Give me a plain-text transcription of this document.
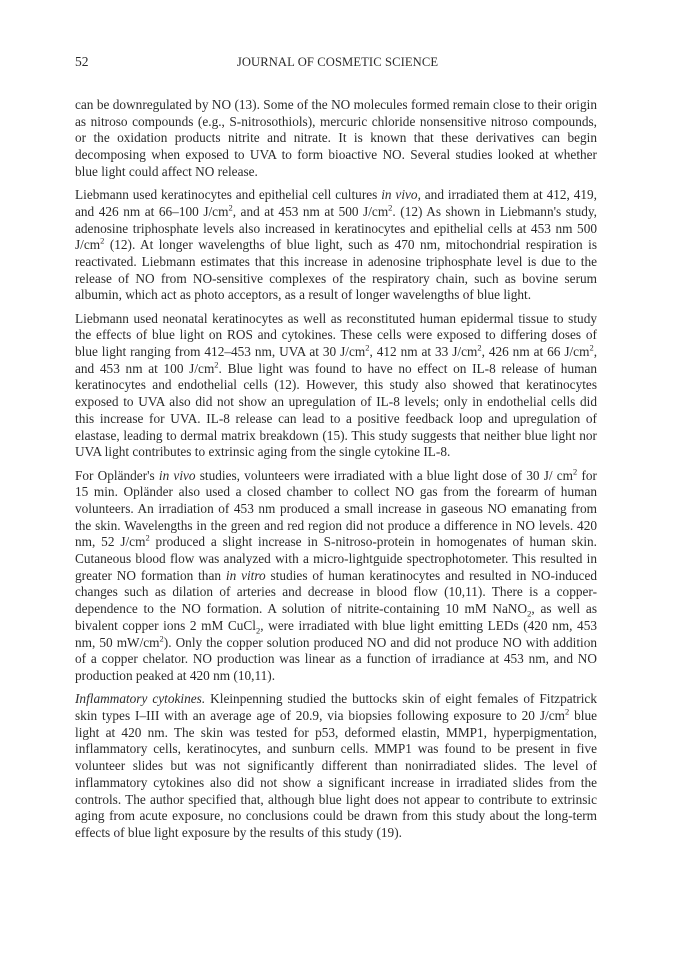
52	JOURNAL OF COSMETIC SCIENCE

can be downregulated by NO (13). Some of the NO molecules formed remain close to their origin as nitroso compounds (e.g., S-nitrosothiols), mercuric chloride nonsensitive nitroso compounds, or the oxidation products nitrite and nitrate. It is known that these derivatives can begin decomposing when exposed to UVA to form bioactive NO. Several studies looked at whether blue light could affect NO release.

Liebmann used keratinocytes and epithelial cell cultures in vivo, and irradiated them at 412, 419, and 426 nm at 66–100 $J/cm^2$, and at 453 nm at 500 $J/cm^2$. (12) As shown in Liebmann's study, adenosine triphosphate levels also increased in keratinocytes and epithelial cells at 453 nm 500 $J/cm^2$ (12). At longer wavelengths of blue light, such as 470 nm, mitochondrial respiration is reactivated. Liebmann estimates that this increase in adenosine triphosphate level is due to the release of NO from NO-sensitive complexes of the respiratory chain, such as bovine serum albumin, which act as photo acceptors, as a result of longer wavelengths of blue light.

Liebmann used neonatal keratinocytes as well as reconstituted human epidermal tissue to study the effects of blue light on ROS and cytokines. These cells were exposed to differing doses of blue light ranging from 412–453 nm, UVA at 30 $J/cm^2$, 412 nm at 33 $J/cm^2$, 426 nm at 66 $J/cm^2$, and 453 nm at 100 $J/cm^2$. Blue light was found to have no effect on IL-8 release of human keratinocytes and endothelial cells (12). However, this study also showed that keratinocytes exposed to UVA also did not show an upregulation of IL-8 levels; only in endothelial cells did this increase for UVA. IL-8 release can lead to a positive feedback loop and upregulation of elastase, leading to dermal matrix breakdown (15). This study suggests that neither blue light nor UVA light contributes to extrinsic aging from the single cytokine IL-8.

For Opländer's in vivo studies, volunteers were irradiated with a blue light dose of 30 J/ $cm^2$ for 15 min. Opländer also used a closed chamber to collect NO gas from the forearm of human volunteers. An irradiation of 453 nm produced a small increase in gaseous NO emanating from the skin. Wavelengths in the green and red region did not produce a difference in NO levels. 420 nm, 52 $J/cm^2$ produced a slight increase in S-nitroso-protein in homogenates of human skin. Cutaneous blood flow was analyzed with a micro-lightguide spectrophotometer. This resulted in greater NO formation than in vitro studies of human keratinocytes and resulted in NO-induced changes such as dilation of arteries and decrease in blood flow (10,11). There is a copper-dependence to the NO formation. A solution of nitrite-containing 10 mM NaNO$_2$, as well as bivalent copper ions 2 mM CuCl$_2$, were irradiated with blue light emitting LEDs (420 nm, 453 nm, 50 $mW/cm^2$). Only the copper solution produced NO and did not produce NO with addition of a copper chelator. NO production was linear as a function of irradiance at 453 nm, and NO production peaked at 420 nm (10,11).

Inflammatory cytokines. Kleinpenning studied the buttocks skin of eight females of Fitzpatrick skin types I–III with an average age of 20.9, via biopsies following exposure to 20 $J/cm^2$ blue light at 420 nm. The skin was tested for p53, deformed elastin, MMP1, hyperpigmentation, inflammatory cells, keratinocytes, and sunburn cells. MMP1 was found to be present in five volunteer slides but was not significantly different than nonirradiated slides. The level of inflammatory cytokines also did not show a significant increase in irradiated slides from the controls. The author specified that, although blue light does not appear to contribute to extrinsic aging from acute exposure, no conclusions could be drawn from this study about the long-term effects of blue light exposure by the results of this study (19).
